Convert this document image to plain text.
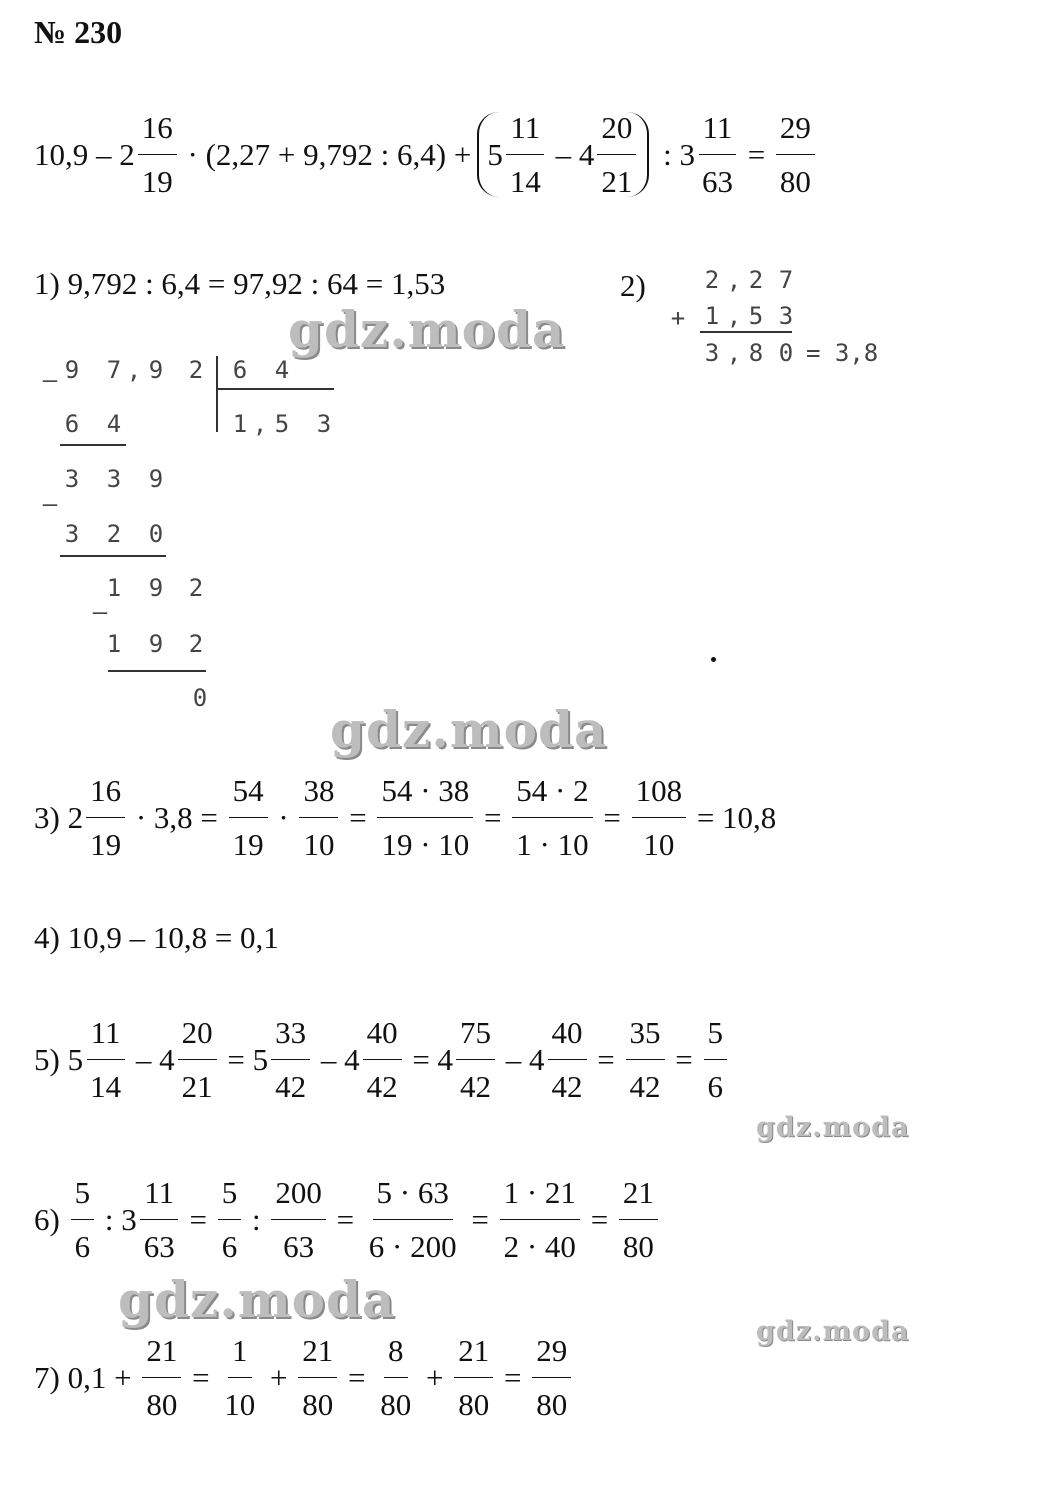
№ 230
$10,9 - 2 \frac{16}{19} \cdot (2,27 + 9,792$ : $6,4) + 5 \frac{11}{14} - 4 \frac{20}{21}$ : $3 \frac{11}{63} = \frac{29}{80}$
1) 9,792 : 6,4 = 97,92 : 64 = 1,53	2) 2 , 2 7
+ 1 , 5 3
3 , 8 0 = 3,8
– 9 7 , 9 2 6 4
1 , 5 3
6 4
–
3 3 9
3 2 0
–
1 9 2
1 9 2
0
3) $2 \frac{16}{19} \cdot 3,8 = \frac{54}{19} \cdot \frac{38}{10} = \frac{54 \cdot 38}{19 \cdot 10} = \frac{54 \cdot 2}{1 \cdot 10} = \frac{108}{10} = 10,8$
4) 10,9 – 10,8 = 0,1
5) $5 \frac{11}{14} - 4 \frac{20}{21} = 5 \frac{33}{42} - 4 \frac{40}{42} = 4 \frac{75}{42} - 4 \frac{40}{42} = \frac{35}{42} = \frac{5}{6}$
$6) \frac{5}{6}$ : $3 \frac{11}{63} = \frac{5}{6}$ : $\frac{200}{63} = \frac{5 \cdot 63}{6 \cdot 200} = \frac{1 \cdot 21}{2 \cdot 40} = \frac{21}{80}$
7) $0,1 + \frac{21}{80} = \frac{1}{10} + \frac{21}{80} = \frac{8}{80} + \frac{21}{80} = \frac{29}{80}$
gdz.moda
gdz.moda
gdz.moda
gdz.moda
gdz.moda
